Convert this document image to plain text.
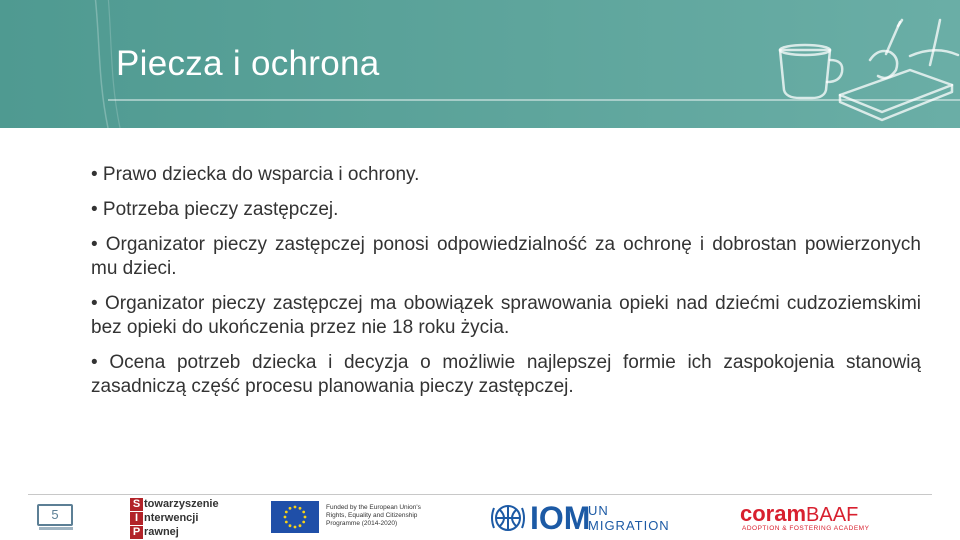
Piecza i ochrona

• Prawo dziecka do wsparcia i ochrony.

• Potrzeba pieczy zastępczej.

• Organizator pieczy zastępczej ponosi odpowiedzialność za ochronę i dobrostan powierzonych mu dzieci.

• Organizator pieczy zastępczej ma obowiązek sprawowania opieki nad dziećmi cudzoziemskimi bez opieki do ukończenia przez nie 18 roku życia.

• Ocena potrzeb dziecka i decyzja o możliwie najlepszej formie ich zaspokojenia stanowią zasadniczą część procesu planowania pieczy zastępczej.

5
S towarzyszenie
I nterwencji
P rawnej
Funded by the European Union's Rights, Equality and Citizenship Programme (2014-2020)	IOM
UN
MIGRATION	coramBAAF
ADOPTION & FOSTERING ACADEMY
